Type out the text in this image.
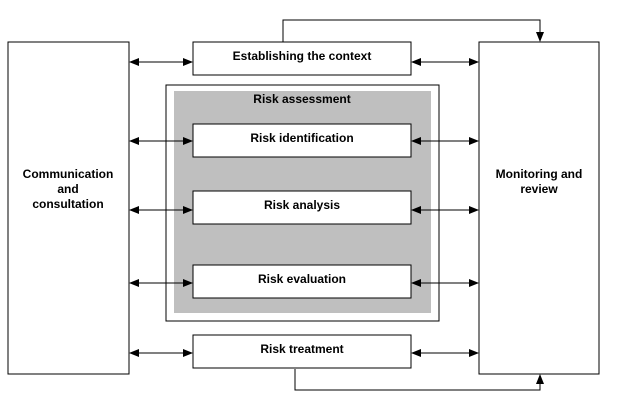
Risk assessment
Communication
and
consultation
Monitoring and
review
Establishing the context
Risk identification
Risk analysis
Risk evaluation
Risk treatment
